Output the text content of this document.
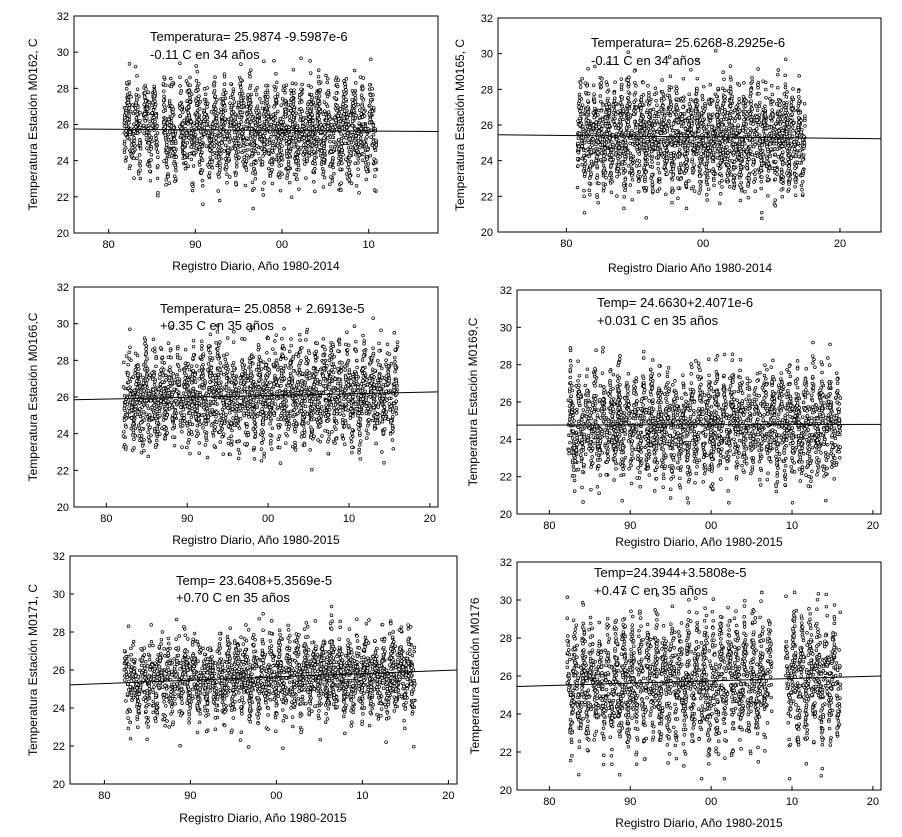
20
22
24
26
28
30
32
80	90	00	10
Temperatura= 25.9874 -9.5987e-6
-0.11 C en 34 años
Registro Diario, Año 1980-2014
Temperatura Estación M0162, C
20
22
24
26
28
30
32
80	00	20
Temperatura= 25.6268-8.2925e-6
-0.11 C en 34 años
Registro Diario Año 1980-2014
Temperatura Estación M0165, C
20
22
24
26
28
30
32
80	90	00	10	20
Temperatura= 25.0858 + 2.6913e-5
+0.35 C en 35 años
Registro Diario, Año 1980-2015
Temperatura Estación M0166,C
20
22
24
26
28
30
32
80	90	00	10	20
Temp= 24.6630+2.4071e-6
+0.031 C en 35 años
Registro Diario, Año 1980-2015
Temperatura Estación M0169,C
20
22
24
26
28
30
32
80	90	00	10	20
Temp= 23.6408+5.3569e-5
+0.70 C en 35 años
Registro Diario, Año 1980-2015
Temperatura Estación M0171, C
20
22
24
26
28
30
32
80	90	00	10	20
Temp=24.3944+3.5808e-5
+0.47 C en 35 años
Registro Diario, Año 1980-2015
Temperatura Estación M0176
